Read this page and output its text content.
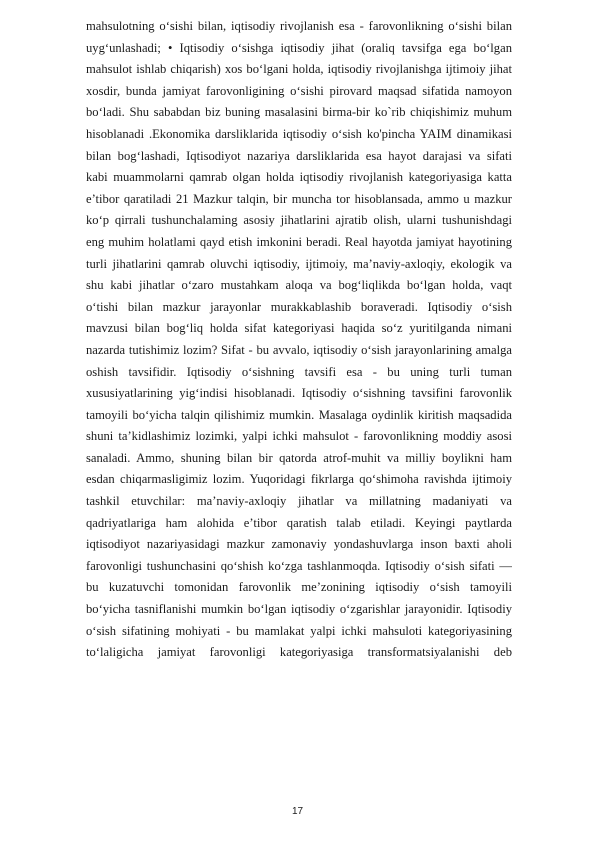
mahsulotning o‘sishi bilan, iqtisodiy rivojlanish esa - farovonlikning o‘sishi bilan
uyg‘unlashadi; • Iqtisodiy o‘sishga iqtisodiy jihat (oraliq tavsifga ega bo‘lgan
mahsulot ishlab chiqarish) xos bo‘lgani holda, iqtisodiy rivojlanishga ijtimoiy jihat
xosdir, bunda jamiyat farovonligining o‘sishi pirovard maqsad sifatida namoyon
bo‘ladi. Shu sababdan biz buning masalasini birma-bir ko`rib chiqishimiz muhum
hisoblanadi .Ekonomika darsliklarida iqtisodiy o‘sish ko'pincha YAIM dinamikasi
bilan bog‘lashadi, Iqtisodiyot nazariya darsliklarida esa hayot darajasi va sifati
kabi muammolarni qamrab olgan holda iqtisodiy rivojlanish kategoriyasiga katta
e’tibor qaratiladi 21 Mazkur talqin, bir muncha tor hisoblansada, ammo u mazkur
ko‘p qirrali tushunchalaming asosiy jihatlarini ajratib olish, ularni tushunishdagi
eng muhim holatlami qayd etish imkonini beradi. Real hayotda jamiyat hayotining
turli jihatlarini qamrab oluvchi iqtisodiy, ijtimoiy, ma’naviy-axloqiy, ekologik va
shu kabi jihatlar o‘zaro mustahkam aloqa va bog‘liqlikda bo‘lgan holda, vaqt
o‘tishi bilan mazkur jarayonlar murakkablashib boraveradi. Iqtisodiy o‘sish
mavzusi bilan bog‘liq holda sifat kategoriyasi haqida so‘z yuritilganda nimani
nazarda tutishimiz lozim? Sifat - bu avvalo, iqtisodiy o‘sish jarayonlarining amalga
oshish tavsifidir. Iqtisodiy o‘sishning tavsifi esa - bu uning turli tuman
xususiyatlarining yig‘indisi hisoblanadi. Iqtisodiy o‘sishning tavsifini farovonlik
tamoyili bo‘yicha talqin qilishimiz mumkin. Masalaga oydinlik kiritish maqsadida
shuni ta’kidlashimiz lozimki, yalpi ichki mahsulot - farovonlikning moddiy asosi
sanaladi. Ammo, shuning bilan bir qatorda atrof-muhit va milliy boylikni ham
esdan chiqarmasligimiz lozim. Yuqoridagi fikrlarga qo‘shimoha ravishda ijtimoiy
tashkil etuvchilar: ma’naviy-axloqiy jihatlar va millatning madaniyati va
qadriyatlariga ham alohida e’tibor qaratish talab etiladi. Keyingi paytlarda
iqtisodiyot nazariyasidagi mazkur zamonaviy yondashuvlarga inson baxti aholi
farovonligi tushunchasini qo‘shish ko‘zga tashlanmoqda. Iqtisodiy o‘sish sifati —
bu kuzatuvchi tomonidan farovonlik me’zonining iqtisodiy o‘sish tamoyili
bo‘yicha tasniflanishi mumkin bo‘lgan iqtisodiy o‘zgarishlar jarayonidir. Iqtisodiy
o‘sish sifatining mohiyati - bu mamlakat yalpi ichki mahsuloti kategoriyasining
to‘laligicha jamiyat farovonligi kategoriyasiga transformatsiyalanishi deb
17
